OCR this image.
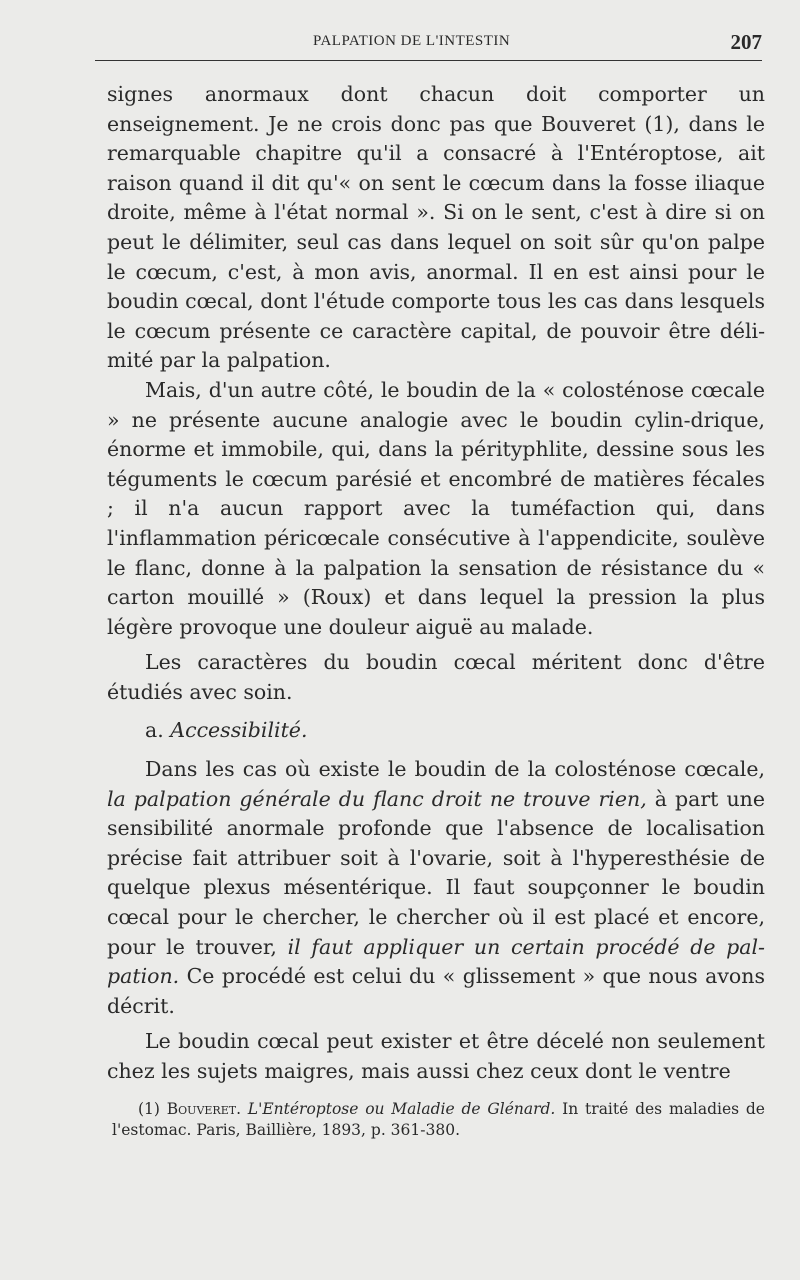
PALPATION DE L'INTESTIN	207

signes anormaux dont chacun doit comporter un enseignement. Je ne crois donc pas que Bouveret (1), dans le remarquable chapitre qu'il a consacré à l'Entéroptose, ait raison quand il dit qu'« on sent le cœcum dans la fosse iliaque droite, même à l'état normal ». Si on le sent, c'est à dire si on peut le délimiter, seul cas dans lequel on soit sûr qu'on palpe le cœcum, c'est, à mon avis, anormal. Il en est ainsi pour le boudin cœcal, dont l'étude comporte tous les cas dans lesquels le cœcum présente ce caractère capital, de pouvoir être déli-mité par la palpation.

Mais, d'un autre côté, le boudin de la « colosténose cœcale » ne présente aucune analogie avec le boudin cylin-drique, énorme et immobile, qui, dans la pérityphlite, dessine sous les téguments le cœcum parésié et encombré de matières fécales ; il n'a aucun rapport avec la tuméfaction qui, dans l'inflammation péricœcale consécutive à l'appendicite, soulève le flanc, donne à la palpation la sensation de résistance du « carton mouillé » (Roux) et dans lequel la pression la plus légère provoque une douleur aiguë au malade.

Les caractères du boudin cœcal méritent donc d'être étudiés avec soin.

a. Accessibilité.

Dans les cas où existe le boudin de la colosténose cœcale, la palpation générale du flanc droit ne trouve rien, à part une sensibilité anormale profonde que l'absence de localisation précise fait attribuer soit à l'ovarie, soit à l'hyperesthésie de quelque plexus mésentérique. Il faut soupçonner le boudin cœcal pour le chercher, le chercher où il est placé et encore, pour le trouver, il faut appliquer un certain procédé de pal-pation. Ce procédé est celui du « glissement » que nous avons décrit.

Le boudin cœcal peut exister et être décelé non seulement chez les sujets maigres, mais aussi chez ceux dont le ventre

(1) Bouveret. L'Entéroptose ou Maladie de Glénard. In traité des maladies de l'estomac. Paris, Baillière, 1893, p. 361-380.
